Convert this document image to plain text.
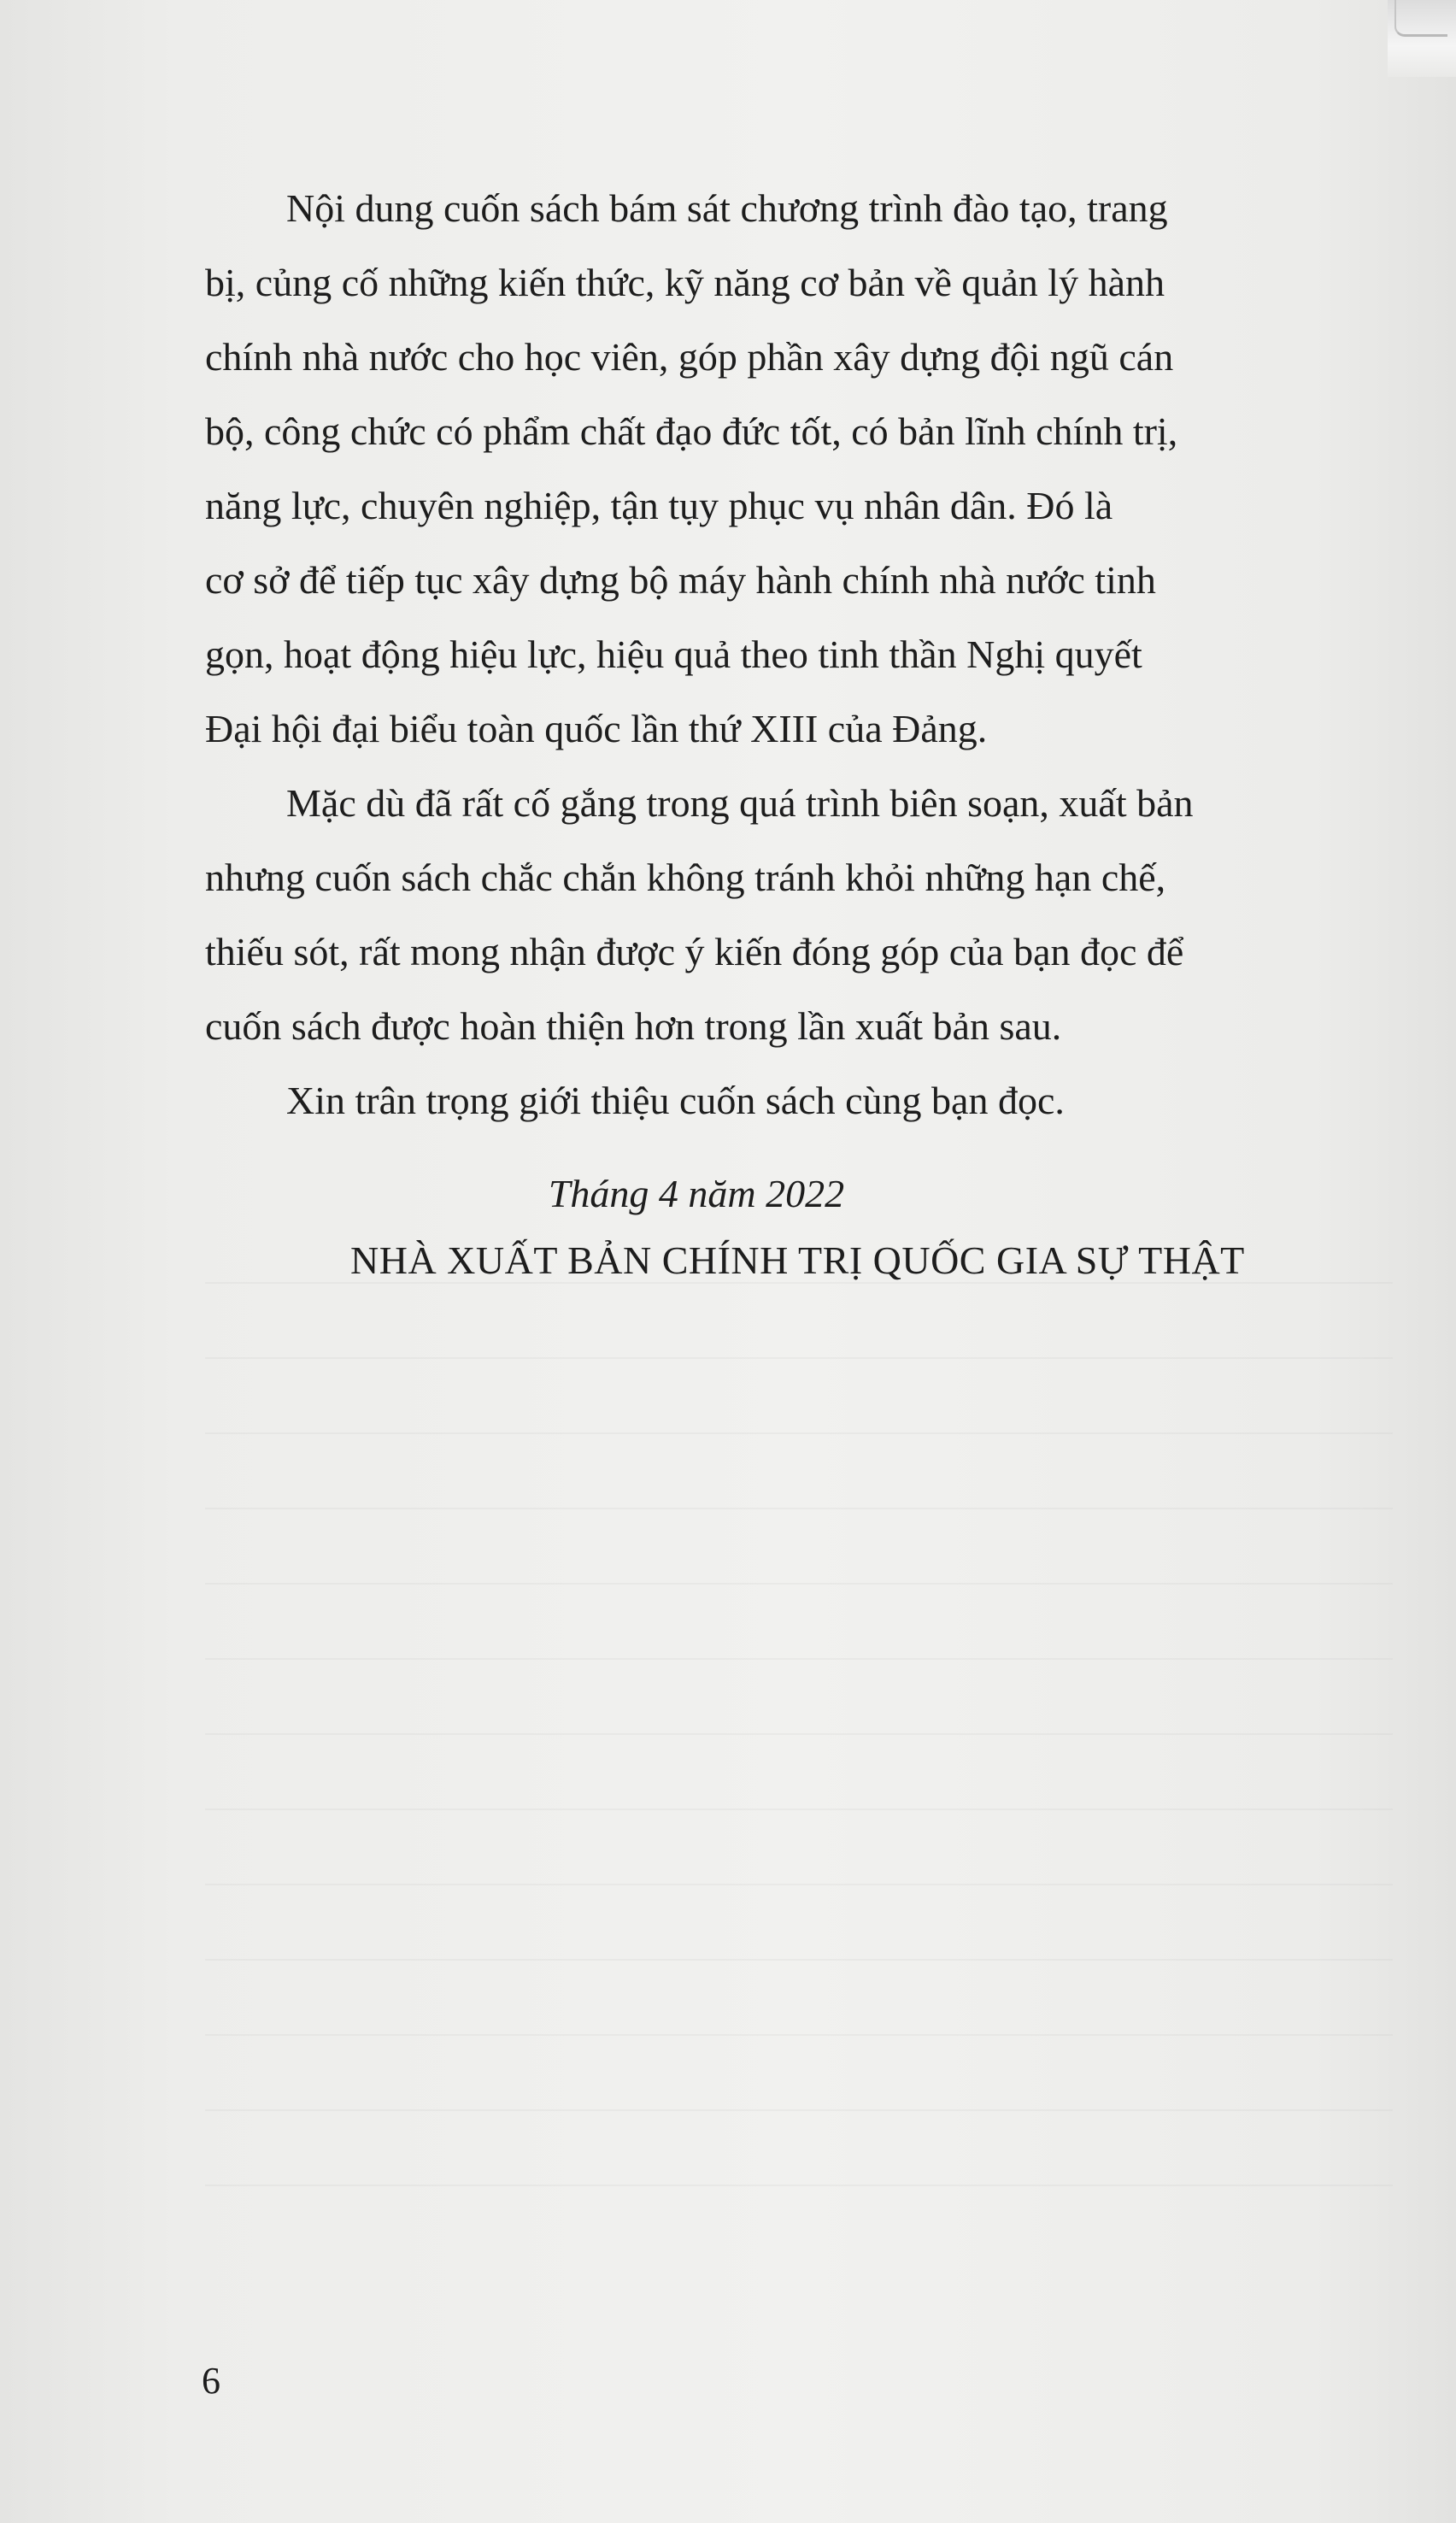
Nội dung cuốn sách bám sát chương trình đào tạo, trang
bị, củng cố những kiến thức, kỹ năng cơ bản về quản lý hành
chính nhà nước cho học viên, góp phần xây dựng đội ngũ cán
bộ, công chức có phẩm chất đạo đức tốt, có bản lĩnh chính trị,
năng lực, chuyên nghiệp, tận tụy phục vụ nhân dân. Đó là
cơ sở để tiếp tục xây dựng bộ máy hành chính nhà nước tinh
gọn, hoạt động hiệu lực, hiệu quả theo tinh thần Nghị quyết
Đại hội đại biểu toàn quốc lần thứ XIII của Đảng.

Mặc dù đã rất cố gắng trong quá trình biên soạn, xuất bản
nhưng cuốn sách chắc chắn không tránh khỏi những hạn chế,
thiếu sót, rất mong nhận được ý kiến đóng góp của bạn đọc để
cuốn sách được hoàn thiện hơn trong lần xuất bản sau.

Xin trân trọng giới thiệu cuốn sách cùng bạn đọc.

Tháng 4 năm 2022
NHÀ XUẤT BẢN CHÍNH TRỊ QUỐC GIA SỰ THẬT
6
